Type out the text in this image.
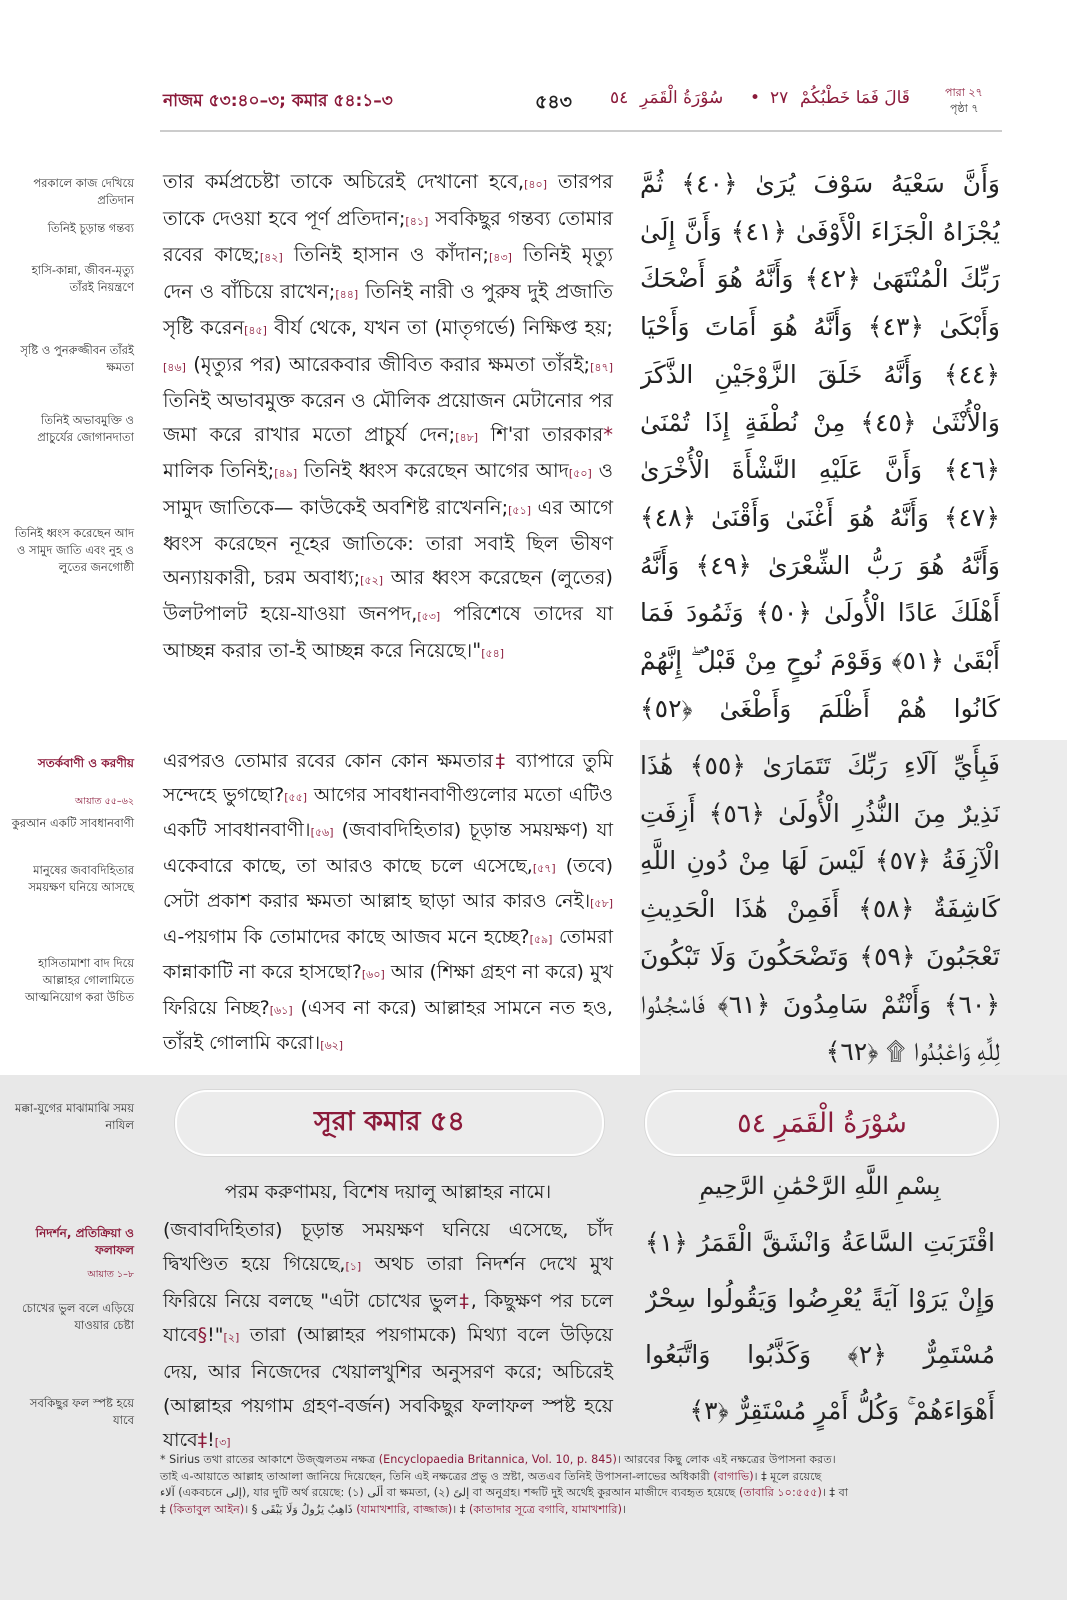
নাজম ৫৩:৪০–৩; কমার ৫৪:১–৩	৫৪৩ ٥٤ سُوْرَةُ الْقَمَرِ • ٢٧ قَالَ فَمَا خَطْبُكُمْ	পারা ২৭
পৃষ্ঠা ৭
পরকালে কাজ দেখিয়ে প্রতিদান
তিনিই চূড়ান্ত গন্তব্য
হাসি-কান্না, জীবন-মৃত্যু তাঁরই নিয়ন্ত্রণে
সৃষ্টি ও পুনরুজ্জীবন তাঁরই ক্ষমতা
তিনিই অভাবমুক্তি ও প্রাচুর্যের জোগানদাতা
তিনিই ধ্বংস করেছেন আদ ও সামুদ জাতি এবং নুহ ও লুতের জনগোষ্ঠী
সতর্কবাণী ও করণীয়
আয়াত ৫৫–৬২
কুরআন একটি সাবধানবাণী
মানুষের জবাবদিহিতার সময়ক্ষণ ঘনিয়ে আসছে
হাসিতামাশা বাদ দিয়ে আল্লাহর গোলামিতে আত্মনিয়োগ করা উচিত
মক্কা-যুগের মাঝামাঝি সময় নাযিল
নিদর্শন, প্রতিক্রিয়া ও ফলাফল
আয়াত ১–৮
চোখের ভুল বলে এড়িয়ে যাওয়ার চেষ্টা
সবকিছুর ফল স্পষ্ট হয়ে যাবে
তার কর্মপ্রচেষ্টা তাকে অচিরেই দেখানো হবে,[৪০] তারপর তাকে দেওয়া হবে পূর্ণ প্রতিদান;[৪১] সবকিছুর গন্তব্য তোমার রবের কাছে;[৪২] তিনিই হাসান ও কাঁদান;[৪৩] তিনিই মৃত্যু দেন ও বাঁচিয়ে রাখেন;[৪৪] তিনিই নারী ও পুরুষ দুই প্রজাতি সৃষ্টি করেন[৪৫] বীর্য থেকে, যখন তা (মাতৃগর্ভে) নিক্ষিপ্ত হয়;[৪৬] (মৃত্যুর পর) আরেকবার জীবিত করার ক্ষমতা তাঁরই;[৪৭] তিনিই অভাবমুক্ত করেন ও মৌলিক প্রয়োজন মেটানোর পর জমা করে রাখার মতো প্রাচুর্য দেন;[৪৮] শি'রা তারকার* মালিক তিনিই;[৪৯] তিনিই ধ্বংস করেছেন আগের আদ[৫০] ও সামুদ জাতিকে— কাউকেই অবশিষ্ট রাখেননি;[৫১] এর আগে ধ্বংস করেছেন নূহের জাতিকে: তারা সবাই ছিল ভীষণ অন্যায়কারী, চরম অবাধ্য;[৫২] আর ধ্বংস করেছেন (লুতের) উলটপালট হয়ে-যাওয়া জনপদ,[৫৩] পরিশেষে তাদের যা আচ্ছন্ন করার তা-ই আচ্ছন্ন করে নিয়েছে।"[৫৪]
وَأَنَّ سَعْيَهُ سَوْفَ يُرَىٰ ﴿٤٠﴾ ثُمَّ يُجْزَاهُ الْجَزَاءَ الْأَوْفَىٰ ﴿٤١﴾ وَأَنَّ إِلَىٰ رَبِّكَ الْمُنْتَهَىٰ ﴿٤٢﴾ وَأَنَّهُ هُوَ أَضْحَكَ وَأَبْكَىٰ ﴿٤٣﴾ وَأَنَّهُ هُوَ أَمَاتَ وَأَحْيَا ﴿٤٤﴾ وَأَنَّهُ خَلَقَ الزَّوْجَيْنِ الذَّكَرَ وَالْأُنْثَىٰ ﴿٤٥﴾ مِنْ نُطْفَةٍ إِذَا تُمْنَىٰ ﴿٤٦﴾ وَأَنَّ عَلَيْهِ النَّشْأَةَ الْأُخْرَىٰ ﴿٤٧﴾ وَأَنَّهُ هُوَ أَغْنَىٰ وَأَقْنَىٰ ﴿٤٨﴾ وَأَنَّهُ هُوَ رَبُّ الشِّعْرَىٰ ﴿٤٩﴾ وَأَنَّهُ أَهْلَكَ عَادًا الْأُولَىٰ ﴿٥٠﴾ وَثَمُودَ فَمَا أَبْقَىٰ ﴿٥١﴾ وَقَوْمَ نُوحٍ مِنْ قَبْلُ ۖ إِنَّهُمْ كَانُوا هُمْ أَظْلَمَ وَأَطْغَىٰ ﴿٥٢﴾
এরপরও তোমার রবের কোন কোন ক্ষমতার‡ ব্যাপারে তুমি সন্দেহে ভুগছো?[৫৫] আগের সাবধানবাণীগুলোর মতো এটিও একটি সাবধানবাণী।[৫৬] (জবাবদিহিতার) চূড়ান্ত সময়ক্ষণ) যা একেবারে কাছে, তা আরও কাছে চলে এসেছে,[৫৭] (তবে) সেটা প্রকাশ করার ক্ষমতা আল্লাহ ছাড়া আর কারও নেই।[৫৮] এ-পয়গাম কি তোমাদের কাছে আজব মনে হচ্ছে?[৫৯] তোমরা কান্নাকাটি না করে হাসছো?[৬০] আর (শিক্ষা গ্রহণ না করে) মুখ ফিরিয়ে নিচ্ছ?[৬১] (এসব না করে) আল্লাহর সামনে নত হও, তাঁরই গোলামি করো।[৬২]
فَبِأَيِّ آلَاءِ رَبِّكَ تَتَمَارَىٰ ﴿٥٥﴾ هَٰذَا نَذِيرٌ مِنَ النُّذُرِ الْأُولَىٰ ﴿٥٦﴾ أَزِفَتِ الْآزِفَةُ ﴿٥٧﴾ لَيْسَ لَهَا مِنْ دُونِ اللَّهِ كَاشِفَةٌ ﴿٥٨﴾ أَفَمِنْ هَٰذَا الْحَدِيثِ تَعْجَبُونَ ﴿٥٩﴾ وَتَضْحَكُونَ وَلَا تَبْكُونَ ﴿٦٠﴾ وَأَنْتُمْ سَامِدُونَ ﴿٦١﴾ فَاسْجُدُوا لِلَّهِ وَاعْبُدُوا ۩ ﴿٦٢﴾
সূরা কমার ৫৪	سُوْرَةُ الْقَمَرِ ٥٤
পরম করুণাময়, বিশেষ দয়ালু আল্লাহর নামে।	بِسْمِ اللَّهِ الرَّحْمَٰنِ الرَّحِيمِ
(জবাবদিহিতার) চূড়ান্ত সময়ক্ষণ ঘনিয়ে এসেছে, চাঁদ দ্বিখণ্ডিত হয়ে গিয়েছে,[১] অথচ তারা নিদর্শন দেখে মুখ ফিরিয়ে নিয়ে বলছে "এটা চোখের ভুল‡, কিছুক্ষণ পর চলে যাবে§!"[২] তারা (আল্লাহর পয়গামকে) মিথ্যা বলে উড়িয়ে দেয়, আর নিজেদের খেয়ালখুশির অনুসরণ করে; অচিরেই (আল্লাহর পয়গাম গ্রহণ-বর্জন) সবকিছুর ফলাফল স্পষ্ট হয়ে যাবে‡![৩]
اقْتَرَبَتِ السَّاعَةُ وَانْشَقَّ الْقَمَرُ ﴿١﴾ وَإِنْ يَرَوْا آيَةً يُعْرِضُوا وَيَقُولُوا سِحْرٌ مُسْتَمِرٌّ ﴿٢﴾ وَكَذَّبُوا وَاتَّبَعُوا أَهْوَاءَهُمْ ۚ وَكُلُّ أَمْرٍ مُسْتَقِرٌّ ﴿٣﴾
* Sirius তথা রাতের আকাশে উজ্জ্বলতম নক্ষত্র (Encyclopaedia Britannica, Vol. 10, p. 845)। আরবের কিছু লোক এই নক্ষত্রের উপাসনা করত।
তাই এ-আয়াতে আল্লাহ তাআলা জানিয়ে দিয়েছেন, তিনি এই নক্ষত্রের প্রভু ও স্রষ্টা, অতএব তিনিই উপাসনা-লাভের অধিকারী (বাগাভি)। ‡ মূলে রয়েছে
آلاء (একবচনে إلى), যার দুটি অর্থ রয়েছে: (১) ألَى বা ক্ষমতা, (২) إلىً বা অনুগ্রহ। শব্দটি দুই অর্থেই কুরআন মাজীদে ব্যবহৃত হয়েছে (তাবারি ১০:৫৫৫)। ‡ বা
‡ (কিতাবুল আইন)। § ذَاهِبٌ يَزُولُ وَلَا يَبْقَى (যামাখশারি, বাজ্জাজ)। ‡ (কাতাদার সূত্রে বগাবি, যামাখশারি)।
